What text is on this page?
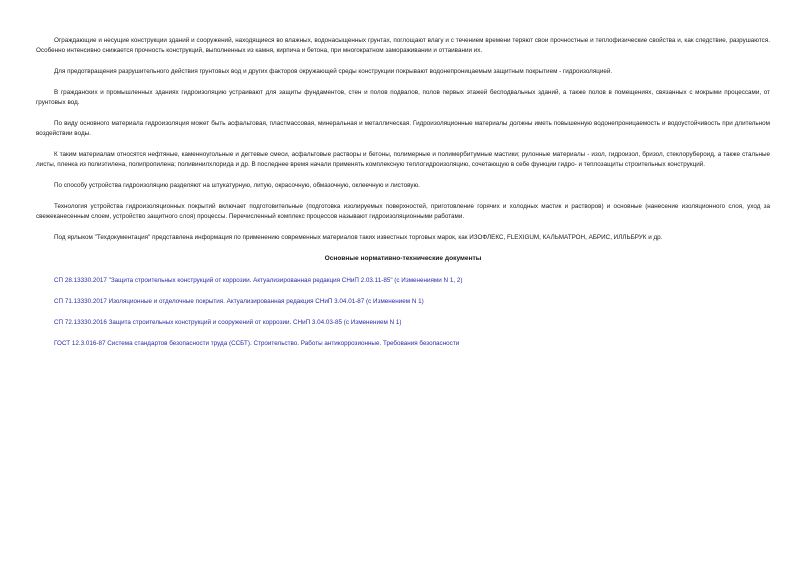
Ограждающие и несущие конструкции зданий и сооружений, находящиеся во влажных, водонасыщенных грунтах, поглощают влагу и с течением времени теряют свои прочностные и теплофизические свойства и, как следствие, разрушаются. Особенно интенсивно снижается прочность конструкций, выполненных из камня, кирпича и бетона, при многократном замораживании и оттаивании их.

Для предотвращения разрушительного действия грунтовых вод и других факторов окружающей среды конструкции покрывают водонепроницаемым защитным покрытием - гидроизоляцией.

В гражданских и промышленных зданиях гидроизоляцию устраивают для защиты фундаментов, стен и полов подвалов, полов первых этажей бесподвальных зданий, а также полов в помещениях, связанных с мокрыми процессами, от грунтовых вод.

По виду основного материала гидроизоляция может быть асфальтовая, пластмассовая, минеральная и металлическая. Гидроизоляционные материалы должны иметь повышенную водонепроницаемость и водоустойчивость при длительном воздействии воды.

К таким материалам относятся нефтяные, каменноугольные и дегтевые смеси, асфальтовые растворы и бетоны, полимерные и полимербитумные мастики; рулонные материалы - изол, гидроизол, бризол, стеклорубероид, а также стальные листы, пленка из полиэтилена, полипропилена; поливинилхлорида и др. В последнее время начали применять комплексную теплогидроизоляцию, сочетающую в себе функции гидро- и теплозащиты строительных конструкций.

По способу устройства гидроизоляцию разделяют на штукатурную, литую, окрасочную, обмазочную, оклеечную и листовую.

Технология устройства гидроизоляционных покрытий включает подготовительные (подготовка изолируемых поверхностей, приготовление горячих и холодных мастик и растворов) и основные (нанесение изоляционного слоя, уход за свежеканесенным слоем, устройство защитного слоя) процессы. Перечисленный комплекс процессов называют гидроизоляционными работами.

Под ярлыком "Техдокументация" представлена информация по применению современных материалов таких известных торговых марок, как ИЗОФЛЕКС, FLEXIGUM, КАЛЬМАТРОН, АБРИС, ИЛЛЬБРУК и др.

Основные нормативно-технические документы
СП 28.13330.2017 "Защита строительных конструкций от коррозии. Актуализированная редакция СНиП 2.03.11-85" (с Изменениями N 1, 2)
СП 71.13330.2017 Изоляционные и отделочные покрытия. Актуализированная редакция СНиП 3.04.01-87 (с Изменением N 1)
СП 72.13330.2016 Защита строительных конструкций и сооружений от коррозии. СНиП 3.04.03-85 (с Изменением N 1)
ГОСТ 12.3.016-87 Система стандартов безопасности труда (ССБТ). Строительство. Работы антикоррозионные. Требования безопасности
